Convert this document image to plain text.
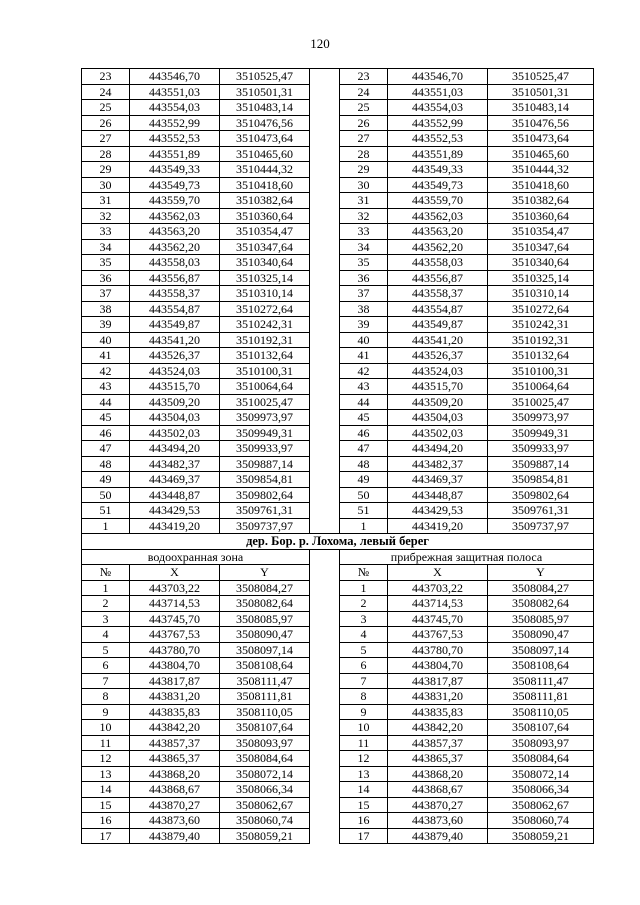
120
23	443546,70	3510525,47		23	443546,70	3510525,47
24	443551,03	3510501,31		24	443551,03	3510501,31
25	443554,03	3510483,14		25	443554,03	3510483,14
26	443552,99	3510476,56		26	443552,99	3510476,56
27	443552,53	3510473,64		27	443552,53	3510473,64
28	443551,89	3510465,60		28	443551,89	3510465,60
29	443549,33	3510444,32		29	443549,33	3510444,32
30	443549,73	3510418,60		30	443549,73	3510418,60
31	443559,70	3510382,64		31	443559,70	3510382,64
32	443562,03	3510360,64		32	443562,03	3510360,64
33	443563,20	3510354,47		33	443563,20	3510354,47
34	443562,20	3510347,64		34	443562,20	3510347,64
35	443558,03	3510340,64		35	443558,03	3510340,64
36	443556,87	3510325,14		36	443556,87	3510325,14
37	443558,37	3510310,14		37	443558,37	3510310,14
38	443554,87	3510272,64		38	443554,87	3510272,64
39	443549,87	3510242,31		39	443549,87	3510242,31
40	443541,20	3510192,31		40	443541,20	3510192,31
41	443526,37	3510132,64		41	443526,37	3510132,64
42	443524,03	3510100,31		42	443524,03	3510100,31
43	443515,70	3510064,64		43	443515,70	3510064,64
44	443509,20	3510025,47		44	443509,20	3510025,47
45	443504,03	3509973,97		45	443504,03	3509973,97
46	443502,03	3509949,31		46	443502,03	3509949,31
47	443494,20	3509933,97		47	443494,20	3509933,97
48	443482,37	3509887,14		48	443482,37	3509887,14
49	443469,37	3509854,81		49	443469,37	3509854,81
50	443448,87	3509802,64		50	443448,87	3509802,64
51	443429,53	3509761,31		51	443429,53	3509761,31
1	443419,20	3509737,97		1	443419,20	3509737,97
дер. Бор. р. Лохома, левый берег						
водоохранная зона				прибрежная защитная полоса		
№	X	Y		№	X	Y
1	443703,22	3508084,27		1	443703,22	3508084,27
2	443714,53	3508082,64		2	443714,53	3508082,64
3	443745,70	3508085,97		3	443745,70	3508085,97
4	443767,53	3508090,47		4	443767,53	3508090,47
5	443780,70	3508097,14		5	443780,70	3508097,14
6	443804,70	3508108,64		6	443804,70	3508108,64
7	443817,87	3508111,47		7	443817,87	3508111,47
8	443831,20	3508111,81		8	443831,20	3508111,81
9	443835,83	3508110,05		9	443835,83	3508110,05
10	443842,20	3508107,64		10	443842,20	3508107,64
11	443857,37	3508093,97		11	443857,37	3508093,97
12	443865,37	3508084,64		12	443865,37	3508084,64
13	443868,20	3508072,14		13	443868,20	3508072,14
14	443868,67	3508066,34		14	443868,67	3508066,34
15	443870,27	3508062,67		15	443870,27	3508062,67
16	443873,60	3508060,74		16	443873,60	3508060,74
17	443879,40	3508059,21		17	443879,40	3508059,21
